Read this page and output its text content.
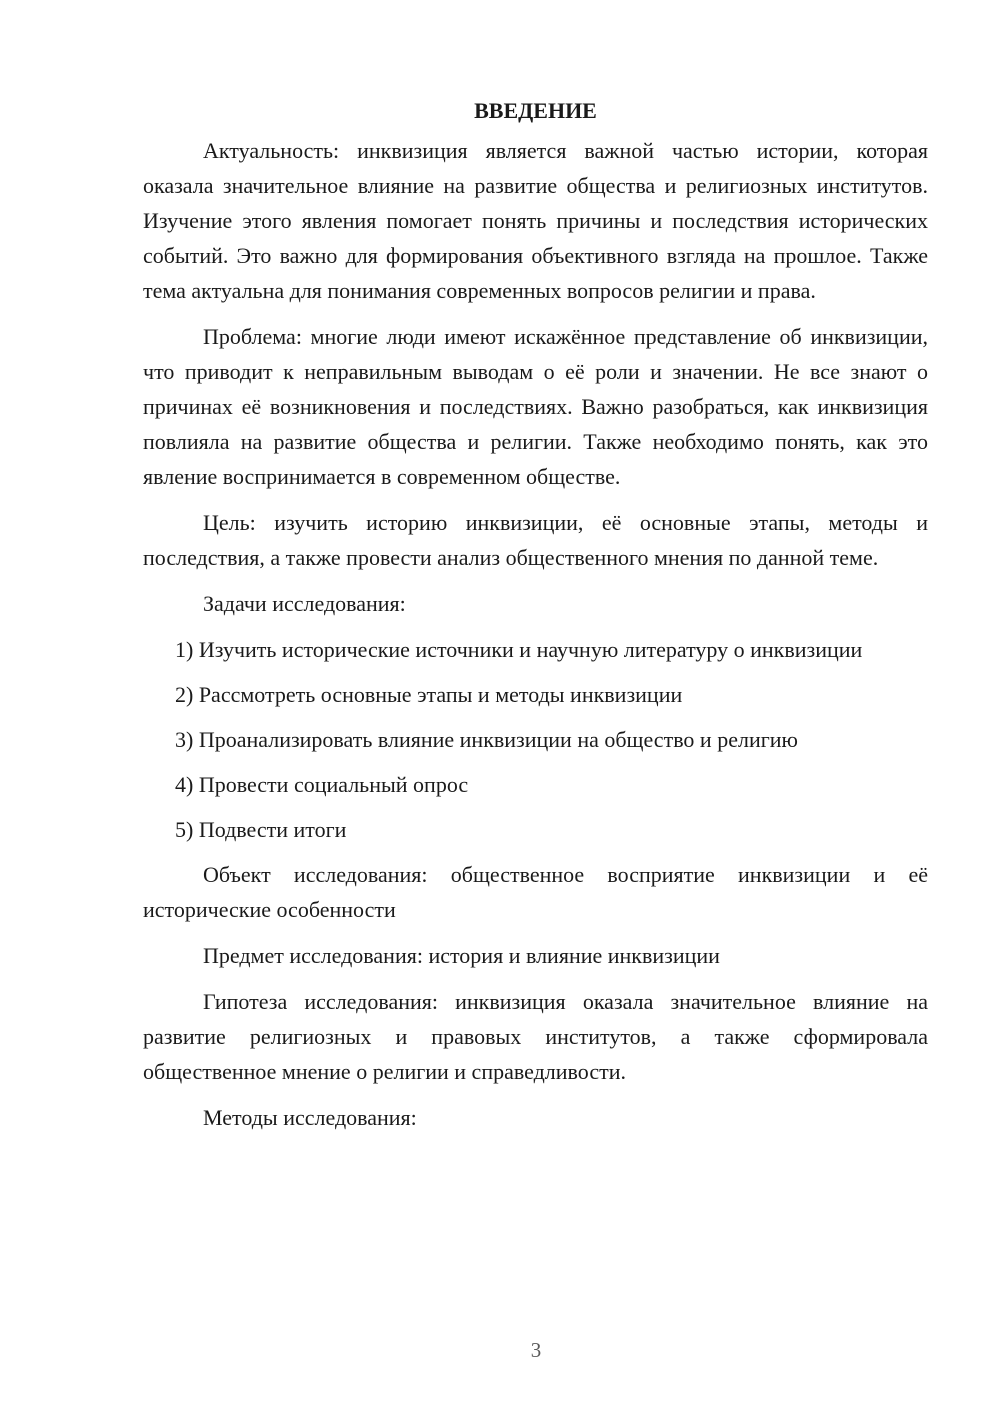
ВВЕДЕНИЕ

Актуальность: инквизиция является важной частью истории, которая оказала значительное влияние на развитие общества и религиозных институтов. Изучение этого явления помогает понять причины и последствия исторических событий. Это важно для формирования объективного взгляда на прошлое. Также тема актуальна для понимания современных вопросов религии и права.

Проблема: многие люди имеют искажённое представление об инквизиции, что приводит к неправильным выводам о её роли и значении. Не все знают о причинах её возникновения и последствиях. Важно разобраться, как инквизиция повлияла на развитие общества и религии. Также необходимо понять, как это явление воспринимается в современном обществе.

Цель: изучить историю инквизиции, её основные этапы, методы и последствия, а также провести анализ общественного мнения по данной теме.

Задачи исследования:

1) Изучить исторические источники и научную литературу о инквизиции

2) Рассмотреть основные этапы и методы инквизиции

3) Проанализировать влияние инквизиции на общество и религию

4) Провести социальный опрос

5) Подвести итоги

Объект исследования: общественное восприятие инквизиции и её исторические особенности

Предмет исследования: история и влияние инквизиции

Гипотеза исследования: инквизиция оказала значительное влияние на развитие религиозных и правовых институтов, а также сформировала общественное мнение о религии и справедливости.

Методы исследования:

3
